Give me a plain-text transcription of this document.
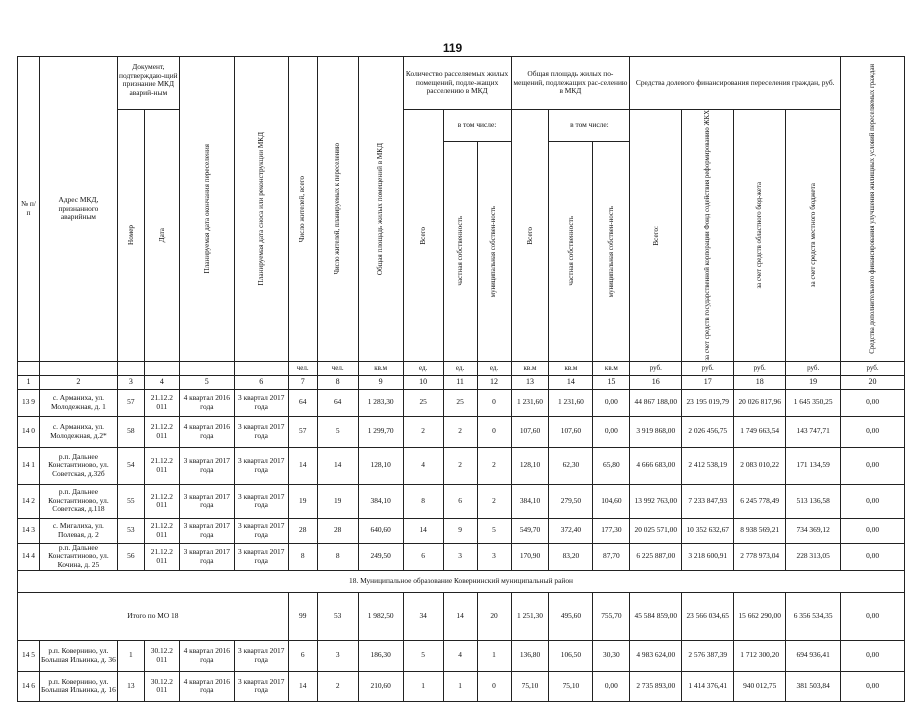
119
№ п/ п	Адрес МКД, признанного аварийным	Документ, подтверждаю-щий признание МКД аварий-ным		Планируемая дата окончания переселения	Планируемая дата сноса или реконструкции МКД	Число жителей, всего	Число жителей, планируемых к переселению	Общая площадь жилых помещений в МКД	Количество расселяемых жилых помещений, подле-жащих расселению в МКД			Общая площадь жилых по-мещений, подлежащих рас-селению в МКД			Средства долевого финансирования переселения граждан, руб.				Средства дополнительного финансирования улучшения жилищных условий переселяемых граждан

		Номер	Дата						Всего	в том числе:		Всего	в том числе:		Всего:	за счет средств государственной корпорации Фонд содействия реформированию ЖКХ	за счет средств областного бюд-жета	за счет средств местного бюджета	

										частная собственность	муниципальная собствен-ность		частная собственность	муниципальная собствен-ность					

						чел.	чел.	кв.м	ед.	ед.	ед.	кв.м	кв.м	кв.м	руб.	руб.	руб.	руб.	руб.
1	2	3	4	5	6	7	8	9	10	11	12	13	14	15	16	17	18	19	20
13 9	с. Арманиха, ул. Молодежная, д. 1	57	21.12.2 011	4 квартал 2016 года	3 квартал 2017 года	64	64	1 283,30	25	25	0	1 231,60	1 231,60	0,00	44 867 188,00	23 195 019,79	20 026 817,96	1 645 350,25	0,00
14 0	с. Арманиха, ул. Молодежная, д.2*	58	21.12.2 011	4 квартал 2016 года	3 квартал 2017 года	57	5	1 299,70	2	2	0	107,60	107,60	0,00	3 919 868,00	2 026 456,75	1 749 663,54	143 747,71	0,00
14 1	р.п. Дальнее Константиново, ул. Советская, д.32б	54	21.12.2 011	3 квартал 2017 года	3 квартал 2017 года	14	14	128,10	4	2	2	128,10	62,30	65,80	4 666 683,00	2 412 538,19	2 083 010,22	171 134,59	0,00
14 2	р.п. Дальнее Константиново, ул. Советская, д.118	55	21.12.2 011	3 квартал 2017 года	3 квартал 2017 года	19	19	384,10	8	6	2	384,10	279,50	104,60	13 992 763,00	7 233 847,93	6 245 778,49	513 136,58	0,00
14 3	с. Мигалиха, ул. Полевая, д. 2	53	21.12.2 011	3 квартал 2017 года	3 квартал 2017 года	28	28	640,60	14	9	5	549,70	372,40	177,30	20 025 571,00	10 352 632,67	8 938 569,21	734 369,12	0,00
14 4	р.п. Дальнее Константиново, ул. Кочина, д. 25	56	21.12.2 011	3 квартал 2017 года	3 квартал 2017 года	8	8	249,50	6	3	3	170,90	83,20	87,70	6 225 887,00	3 218 600,91	2 778 973,04	228 313,05	0,00
18. Муниципальное образование Ковернинский муниципальный район																			
Итого по МО 18						99	53	1 982,50	34	14	20	1 251,30	495,60	755,70	45 584 859,00	23 566 034,65	15 662 290,00	6 356 534,35	0,00
14 5	р.п. Ковернино, ул. Большая Ильинка, д. 36	1	30.12.2 011	4 квартал 2016 года	3 квартал 2017 года	6	3	186,30	5	4	1	136,80	106,50	30,30	4 983 624,00	2 576 387,39	1 712 300,20	694 936,41	0,00
14 6	р.п. Ковернино, ул. Большая Ильинка, д. 16	13	30.12.2 011	4 квартал 2016 года	3 квартал 2017 года	14	2	210,60	1	1	0	75,10	75,10	0,00	2 735 893,00	1 414 376,41	940 012,75	381 503,84	0,00
